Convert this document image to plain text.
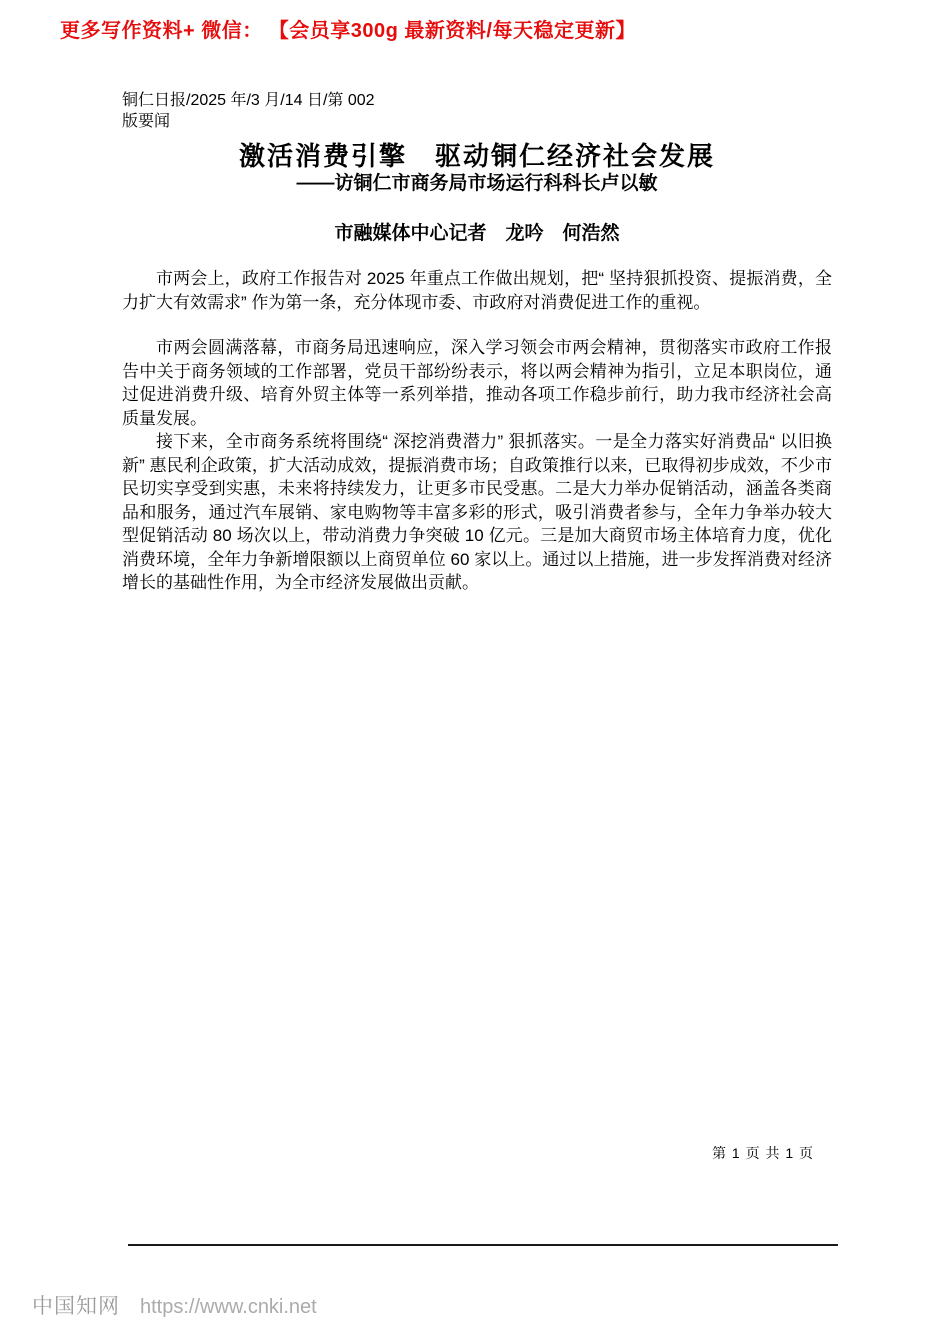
更多写作资料+ 微信： 【会员享300g 最新资料/每天稳定更新】
铜仁日报/2025 年/3 月/14 日/第 002
版要闻
激活消费引擎　驱动铜仁经济社会发展
——访铜仁市商务局市场运行科科长卢以敏
市融媒体中心记者　龙吟　何浩然

市两会上，政府工作报告对 2025 年重点工作做出规划，把“ 坚持狠抓投资、提振消费，全力扩大有效需求” 作为第一条，充分体现市委、市政府对消费促进工作的重视。

市两会圆满落幕，市商务局迅速响应，深入学习领会市两会精神，贯彻落实市政府工作报告中关于商务领域的工作部署，党员干部纷纷表示，将以两会精神为指引，立足本职岗位，通过促进消费升级、培育外贸主体等一系列举措，推动各项工作稳步前行，助力我市经济社会高质量发展。

接下来，全市商务系统将围绕“ 深挖消费潜力” 狠抓落实。一是全力落实好消费品“ 以旧换新” 惠民利企政策，扩大活动成效，提振消费市场；自政策推行以来，已取得初步成效，不少市民切实享受到实惠，未来将持续发力，让更多市民受惠。二是大力举办促销活动，涵盖各类商品和服务，通过汽车展销、家电购物等丰富多彩的形式，吸引消费者参与，全年力争举办较大型促销活动 80 场次以上，带动消费力争突破 10 亿元。三是加大商贸市场主体培育力度，优化消费环境，全年力争新增限额以上商贸单位 60 家以上。通过以上措施，进一步发挥消费对经济增长的基础性作用，为全市经济发展做出贡献。

第 1 页 共 1 页
中国知网 https://www.cnki.net
